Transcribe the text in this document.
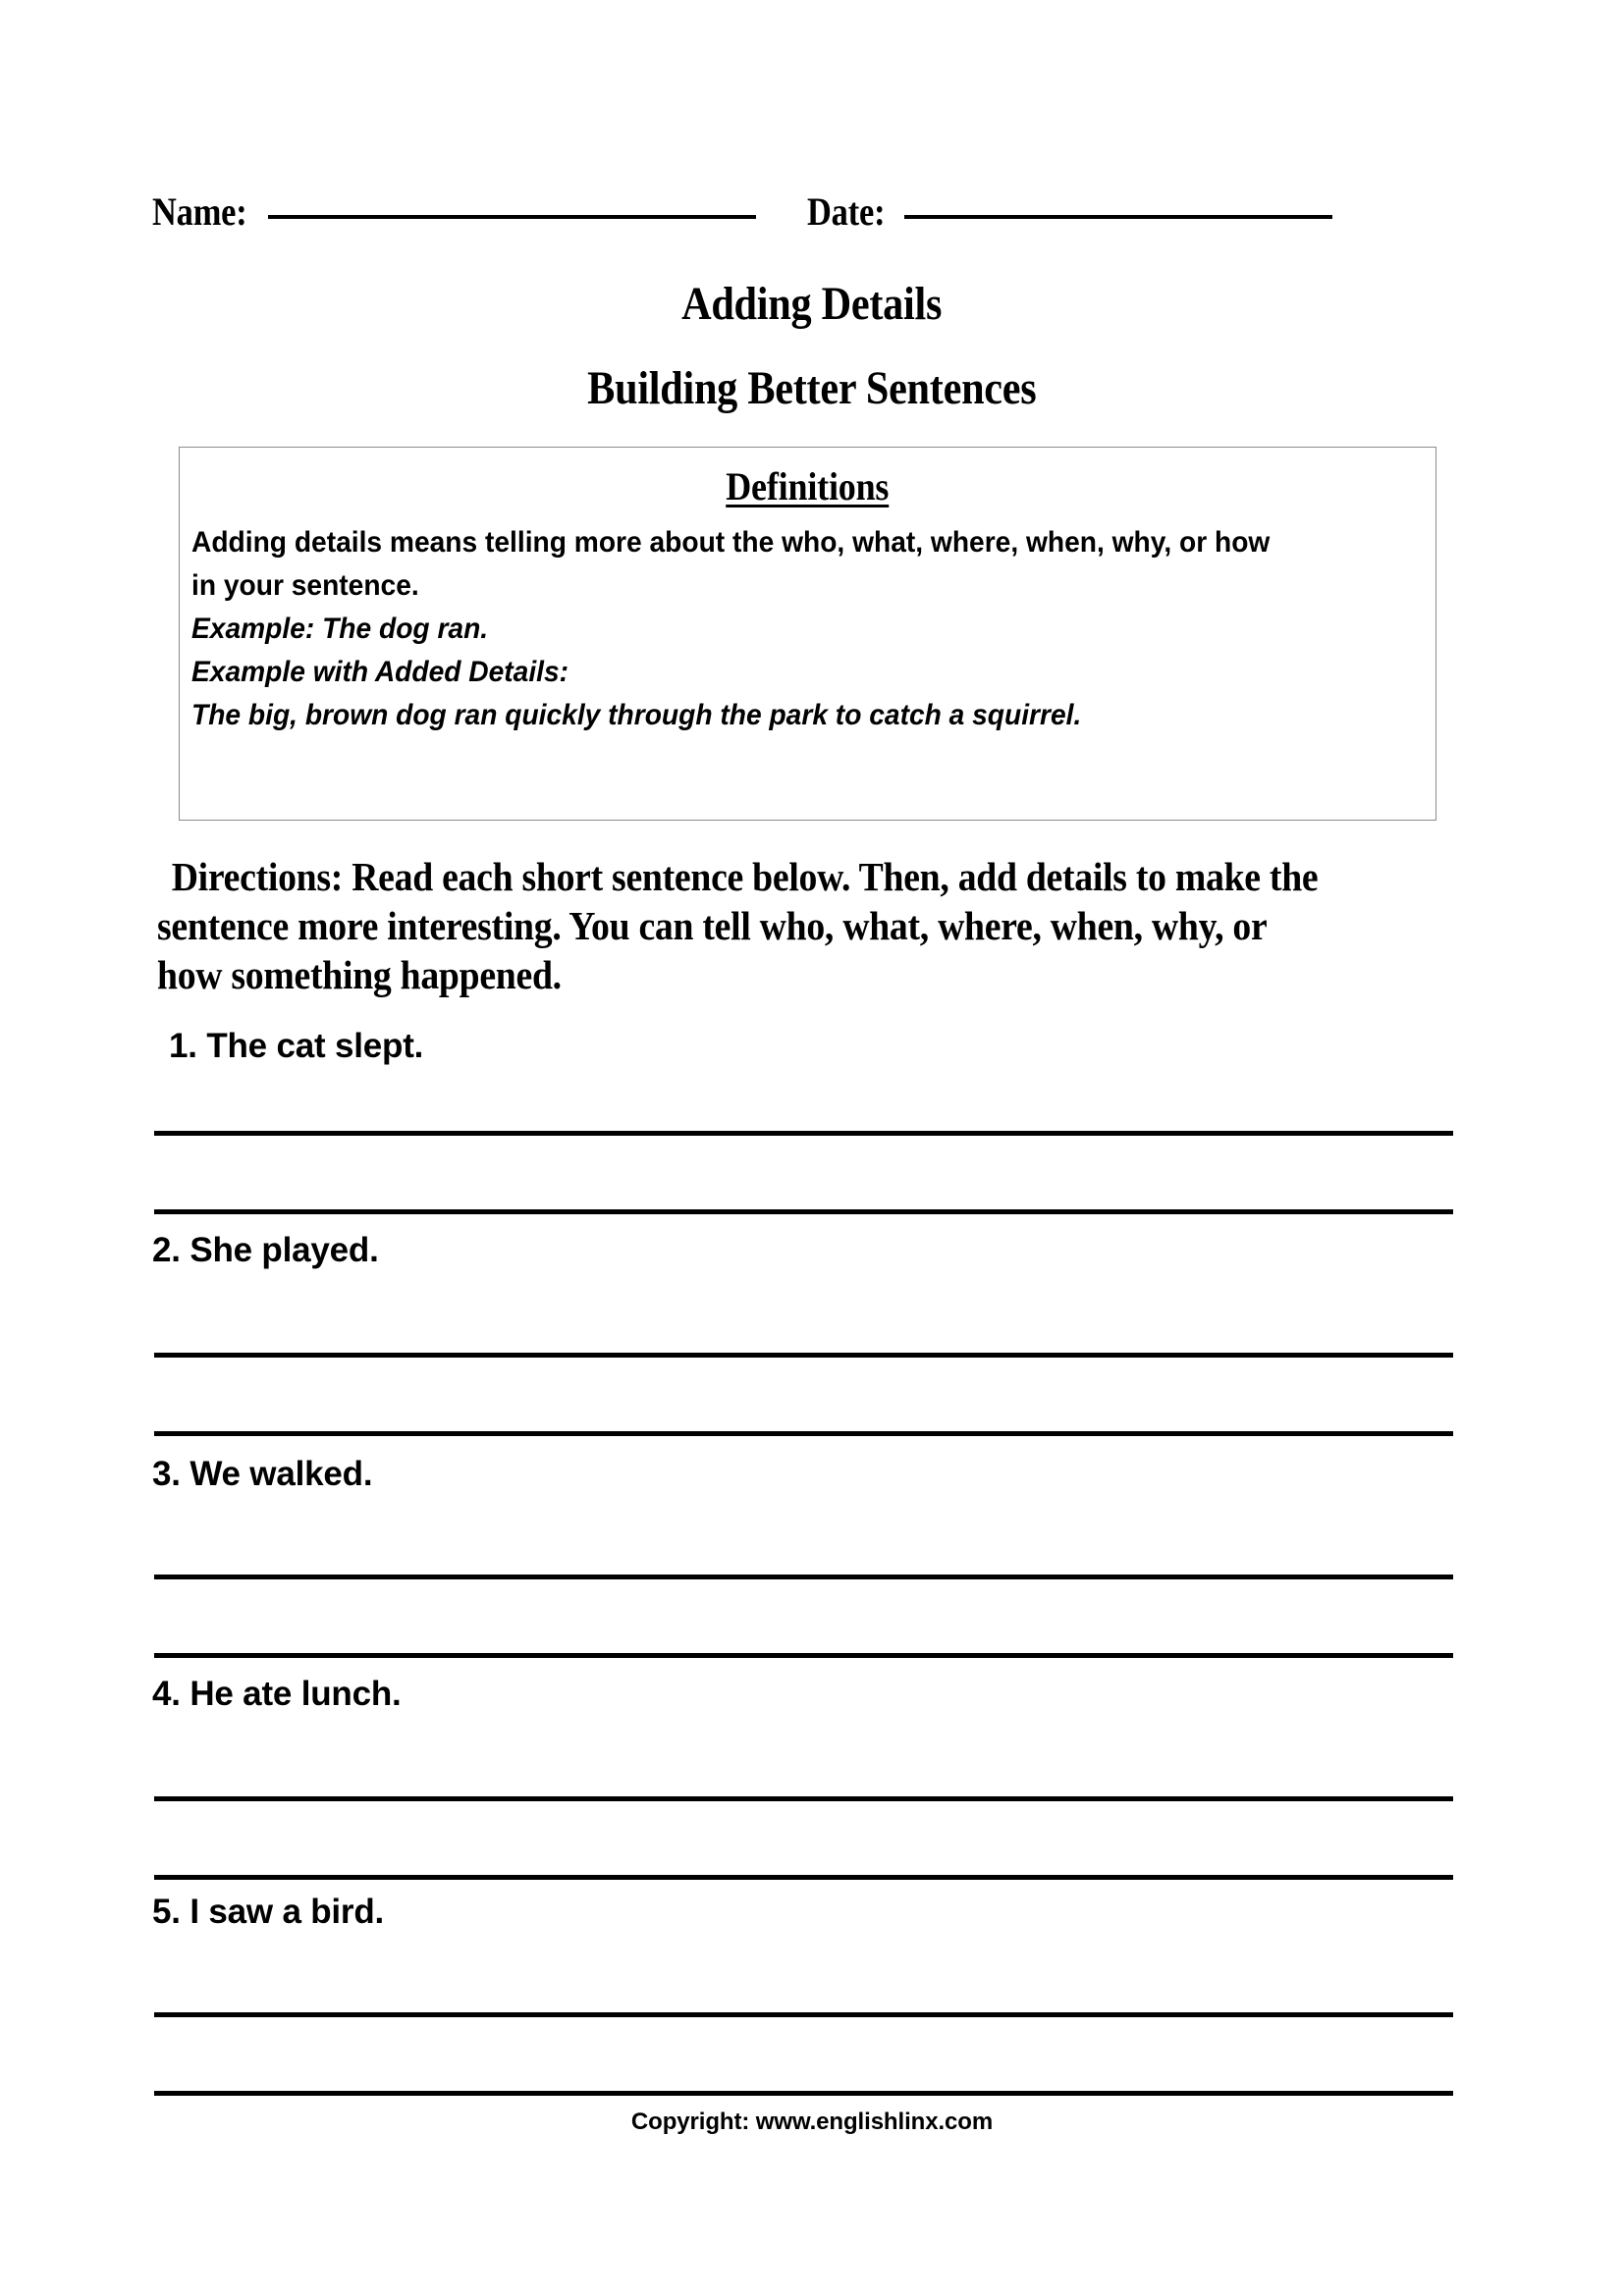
Name:	Date:
Adding Details
Building Better Sentences
Definitions
Adding details means telling more about the who, what, where, when, why, or how
in your sentence.
Example: The dog ran.
Example with Added Details:
The big, brown dog ran quickly through the park to catch a squirrel.
Directions: Read each short sentence below. Then, add details to make the
sentence more interesting. You can tell who, what, where, when, why, or
how something happened.
1. The cat slept.
2. She played.
3. We walked.
4. He ate lunch.
5. I saw a bird.
Copyright: www.englishlinx.com
